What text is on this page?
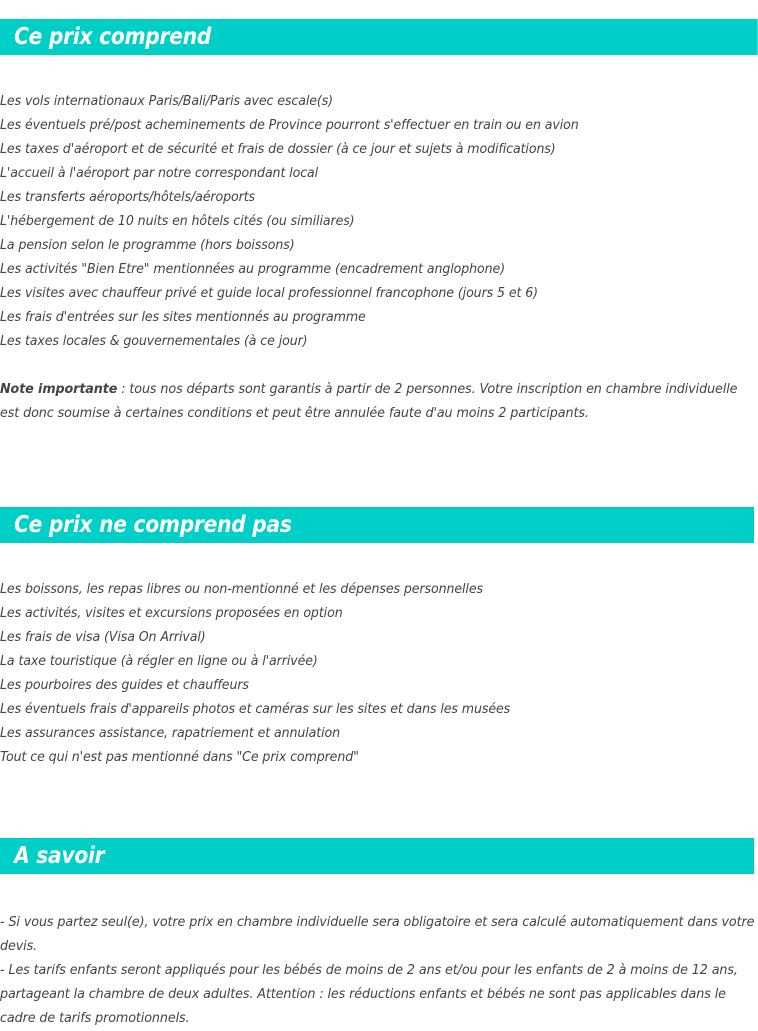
Ce prix comprend
Les vols internationaux Paris/Bali/Paris avec escale(s)
Les éventuels pré/post acheminements de Province pourront s'effectuer en train ou en avion
Les taxes d'aéroport et de sécurité et frais de dossier (à ce jour et sujets à modifications)
L'accueil à l'aéroport par notre correspondant local
Les transferts aéroports/hôtels/aéroports
L'hébergement de 10 nuits en hôtels cités (ou similiares)
La pension selon le programme (hors boissons)
Les activités "Bien Etre" mentionnées au programme (encadrement anglophone)
Les visites avec chauffeur privé et guide local professionnel francophone (jours 5 et 6)
Les frais d'entrées sur les sites mentionnés au programme
Les taxes locales & gouvernementales (à ce jour)

Note importante : tous nos départs sont garantis à partir de 2 personnes. Votre inscription en chambre individuelle est donc soumise à certaines conditions et peut être annulée faute d'au moins 2 participants.

Ce prix ne comprend pas
Les boissons, les repas libres ou non-mentionné et les dépenses personnelles
Les activités, visites et excursions proposées en option
Les frais de visa (Visa On Arrival)
La taxe touristique (à régler en ligne ou à l'arrivée)
Les pourboires des guides et chauffeurs
Les éventuels frais d'appareils photos et caméras sur les sites et dans les musées
Les assurances assistance, rapatriement et annulation
Tout ce qui n'est pas mentionné dans "Ce prix comprend"
A savoir

- Si vous partez seul(e), votre prix en chambre individuelle sera obligatoire et sera calculé automatiquement dans votre devis.

- Les tarifs enfants seront appliqués pour les bébés de moins de 2 ans et/ou pour les enfants de 2 à moins de 12 ans, partageant la chambre de deux adultes. Attention : les réductions enfants et bébés ne sont pas applicables dans le cadre de tarifs promotionnels.
